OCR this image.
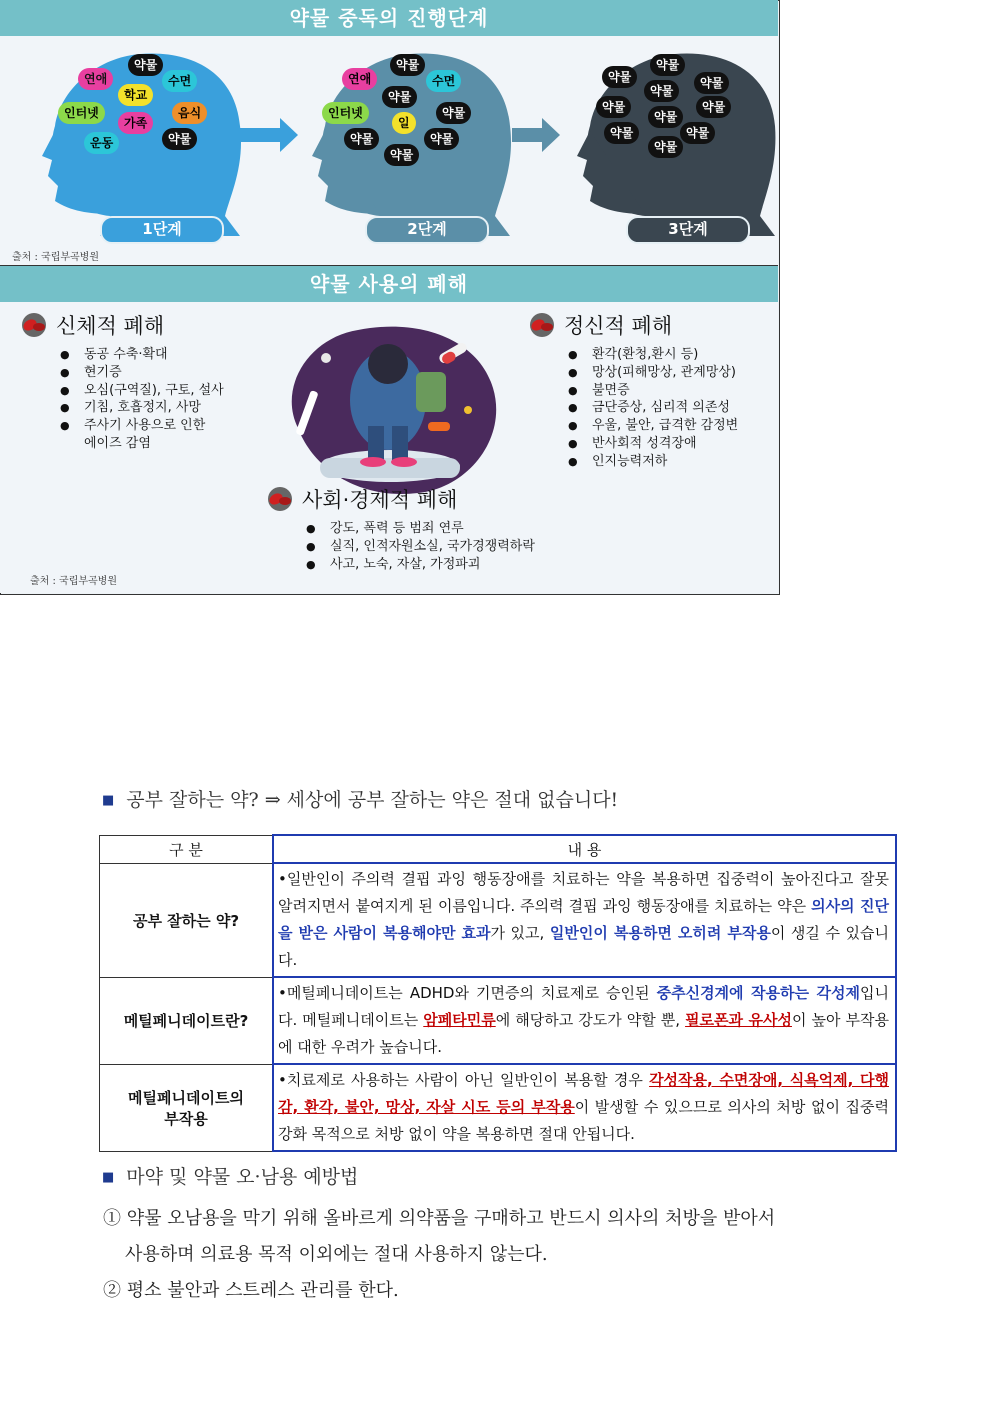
약물 중독의 진행단계
약물
연애	수면
학교
인터넷	음식
가족
운동	약물
약물
연애	수면
약물
인터넷	약물
일
약물	약물
약물
약물
약물	약물
약물
약물	약물
약물
약물	약물
약물
1단계	2단계	3단계
출처 : 국립부곡병원
약물 사용의 폐해
신체적 폐해
● 동공 수축·확대
● 현기증
● 오심(구역질), 구토, 설사
● 기침, 호흡정지, 사망
● 주사기 사용으로 인한
에이즈 감염
정신적 폐해
● 환각(환청,환시 등)
● 망상(피해망상, 관계망상)
● 불면증
● 금단증상, 심리적 의존성
● 우울, 불안, 급격한 감정변
● 반사회적 성격장애
● 인지능력저하
사회·경제적 폐해
● 강도, 폭력 등 범죄 연루
● 실직, 인적자원소실, 국가경쟁력하락
● 사고, 노숙, 자살, 가정파괴
출처 : 국립부곡병원
■ 공부 잘하는 약? ⇒ 세상에 공부 잘하는 약은 절대 없습니다!
구 분	내 용
공부 잘하는 약?	•일반인이 주의력 결핍 과잉 행동장애를 치료하는 약을 복용하면 집중력이 높아진다고 잘못 알려지면서 붙여지게 된 이름입니다. 주의력 결핍 과잉 행동장애를 치료하는 약은 의사의 진단을 받은 사람이 복용해야만 효과가 있고, 일반인이 복용하면 오히려 부작용이 생길 수 있습니다.
메틸페니데이트란?	•메틸페니데이트는 ADHD와 기면증의 치료제로 승인된 중추신경계에 작용하는 각성제입니다. 메틸페니데이트는 암페타민류에 해당하고 강도가 약할 뿐, 필로폰과 유사성이 높아 부작용에 대한 우려가 높습니다.
메틸페니데이트의
부작용	•치료제로 사용하는 사람이 아닌 일반인이 복용할 경우 각성작용, 수면장애, 식욕억제, 다행감, 환각, 불안, 망상, 자살 시도 등의 부작용이 발생할 수 있으므로 의사의 처방 없이 집중력 강화 목적으로 처방 없이 약을 복용하면 절대 안됩니다.
■ 마약 및 약물 오·남용 예방법
① 약물 오남용을 막기 위해 올바르게 의약품을 구매하고 반드시 의사의 처방을 받아서
사용하며 의료용 목적 이외에는 절대 사용하지 않는다.
② 평소 불안과 스트레스 관리를 한다.
